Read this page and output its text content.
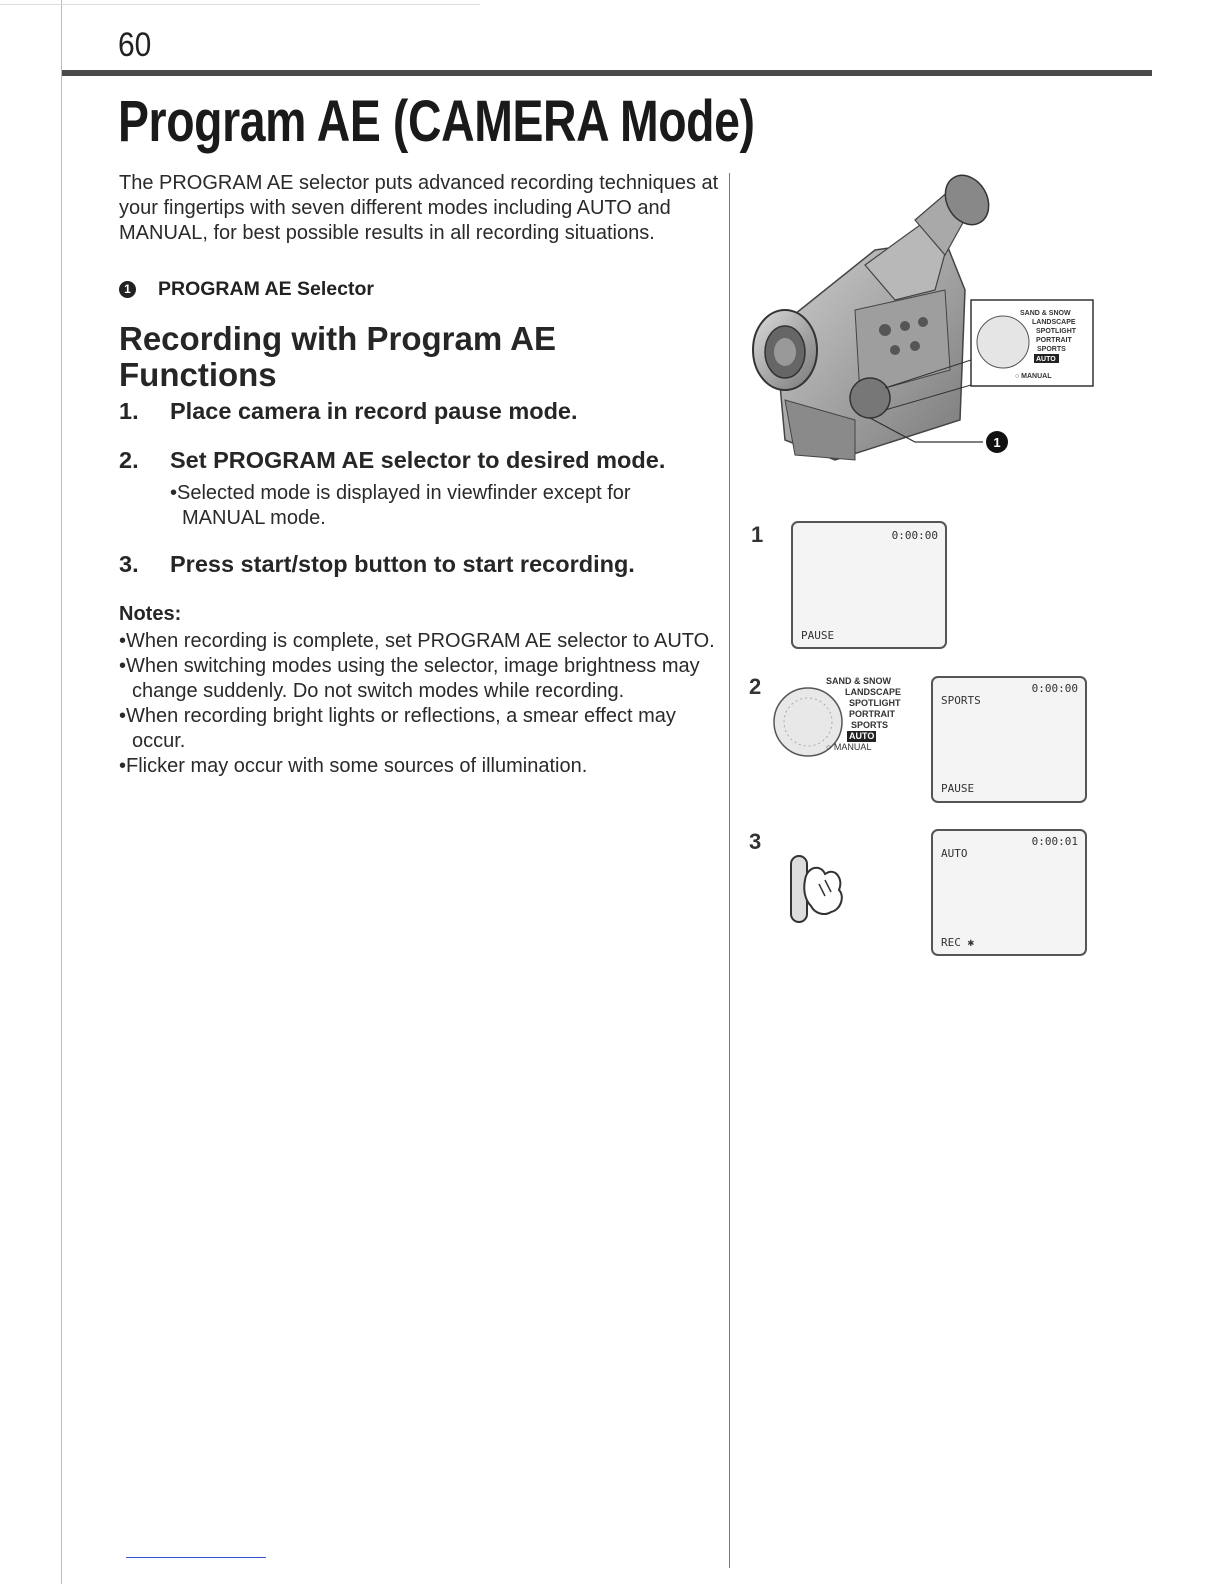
60
Program AE (CAMERA Mode)
The PROGRAM AE selector puts advanced recording techniques at your fingertips with seven different modes including AUTO and MANUAL, for best possible results in all recording situations.
1 PROGRAM AE Selector
Recording with Program AE
Functions
1. Place camera in record pause mode.
2. Set PROGRAM AE selector to desired mode.
•Selected mode is displayed in viewfinder except for
MANUAL mode.
3. Press start/stop button to start recording.
Notes:

•When recording is complete, set PROGRAM AE selector to AUTO.

•When switching modes using the selector, image brightness may change suddenly. Do not switch modes while recording.

•When recording bright lights or reflections, a smear effect may occur.

•Flicker may occur with some sources of illumination.

1
SAND & SNOW
LANDSCAPE
SPOTLIGHT
PORTRAIT
SPORTS
AUTO
○ MANUAL
1	0:00:00
PAUSE
2	SAND & SNOW
LANDSCAPE
SPOTLIGHT
PORTRAIT
SPORTS
AUTO
○ MANUAL
0:00:00
SPORTS
PAUSE
3	0:00:01
AUTO
REC ✱
